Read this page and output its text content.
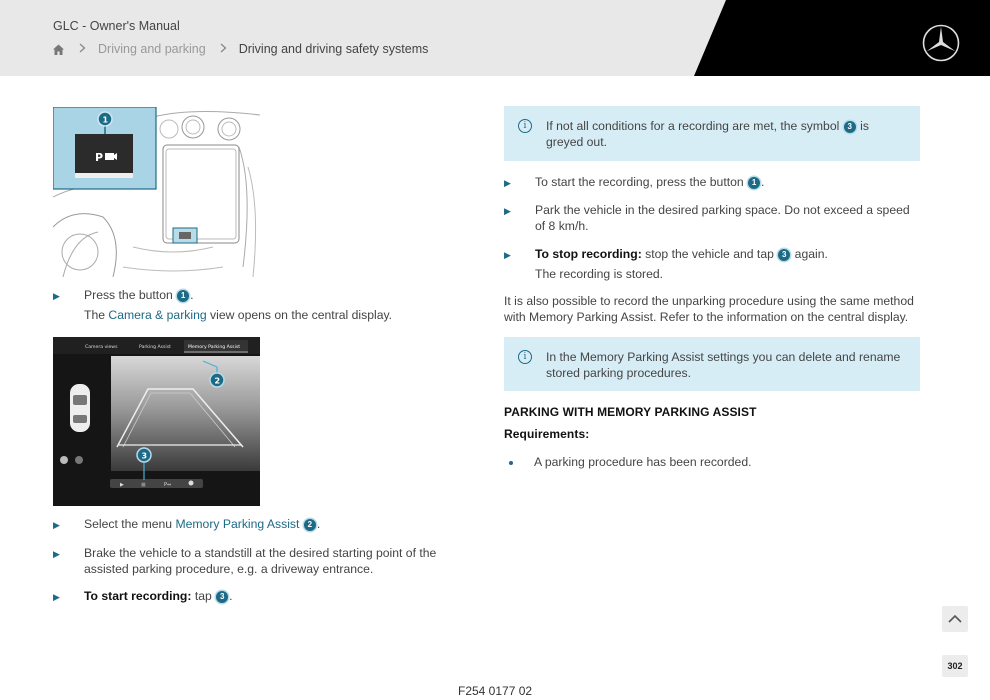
GLC - Owner's Manual
Driving and parking	Driving and driving safety systems
P
1
▶ Press the button 1 .
The Camera & parking view opens on the central display.
Camera views	Parking Assist	Memory Parking Assist
▶	■	P⇔
2
3
▶ Select the menu Memory Parking Assist 2 .
▶ Brake the vehicle to a standstill at the desired starting point of the assisted parking procedure, e.g. a driveway entrance.
▶ To start recording: tap 3 .
i	If not all conditions for a recording are met, the symbol 3 is greyed out.
▶ To start the recording, press the button 1 .
▶ Park the vehicle in the desired parking space. Do not exceed a speed of 8 km/h.
▶ To stop recording: stop the vehicle and tap 3 again.
The recording is stored.
It is also possible to record the unparking procedure using the same method with Memory Parking Assist. Refer to the information on the central display.
i	In the Memory Parking Assist settings you can delete and rename stored parking procedures.
PARKING WITH MEMORY PARKING ASSIST
Requirements:
A parking procedure has been recorded.
F254 0177 02
302
